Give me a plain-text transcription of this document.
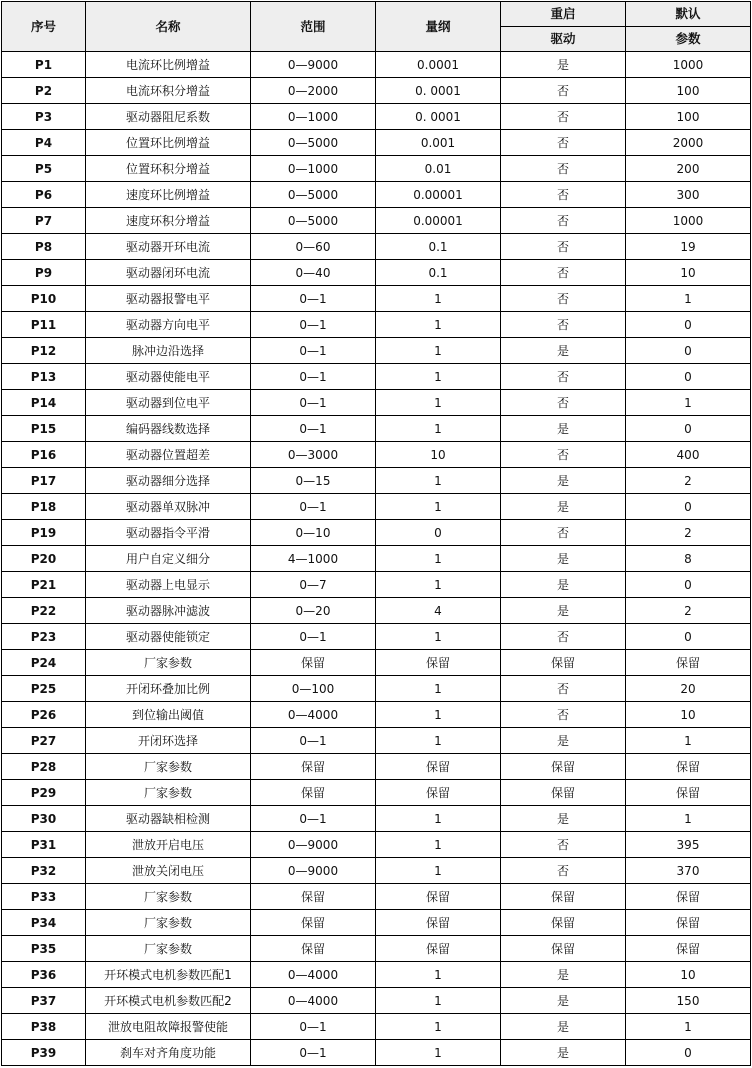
序号	名称	范围	量纲	重启	默认
				驱动	参数
P1	电流环比例增益	0—9000	0.0001	是	1000
P2	电流环积分增益	0—2000	0. 0001	否	100
P3	驱动器阻尼系数	0—1000	0. 0001	否	100
P4	位置环比例增益	0—5000	0.001	否	2000
P5	位置环积分增益	0—1000	0.01	否	200
P6	速度环比例增益	0—5000	0.00001	否	300
P7	速度环积分增益	0—5000	0.00001	否	1000
P8	驱动器开环电流	0—60	0.1	否	19
P9	驱动器闭环电流	0—40	0.1	否	10
P10	驱动器报警电平	0—1	1	否	1
P11	驱动器方向电平	0—1	1	否	0
P12	脉冲边沿选择	0—1	1	是	0
P13	驱动器使能电平	0—1	1	否	0
P14	驱动器到位电平	0—1	1	否	1
P15	编码器线数选择	0—1	1	是	0
P16	驱动器位置超差	0—3000	10	否	400
P17	驱动器细分选择	0—15	1	是	2
P18	驱动器单双脉冲	0—1	1	是	0
P19	驱动器指令平滑	0—10	0	否	2
P20	用户自定义细分	4—1000	1	是	8
P21	驱动器上电显示	0—7	1	是	0
P22	驱动器脉冲滤波	0—20	4	是	2
P23	驱动器使能锁定	0—1	1	否	0
P24	厂家参数	保留	保留	保留	保留
P25	开闭环叠加比例	0—100	1	否	20
P26	到位输出阈值	0—4000	1	否	10
P27	开闭环选择	0—1	1	是	1
P28	厂家参数	保留	保留	保留	保留
P29	厂家参数	保留	保留	保留	保留
P30	驱动器缺相检测	0—1	1	是	1
P31	泄放开启电压	0—9000	1	否	395
P32	泄放关闭电压	0—9000	1	否	370
P33	厂家参数	保留	保留	保留	保留
P34	厂家参数	保留	保留	保留	保留
P35	厂家参数	保留	保留	保留	保留
P36	开环模式电机参数匹配1	0—4000	1	是	10
P37	开环模式电机参数匹配2	0—4000	1	是	150
P38	泄放电阻故障报警使能	0—1	1	是	1
P39	刹车对齐角度功能	0—1	1	是	0
